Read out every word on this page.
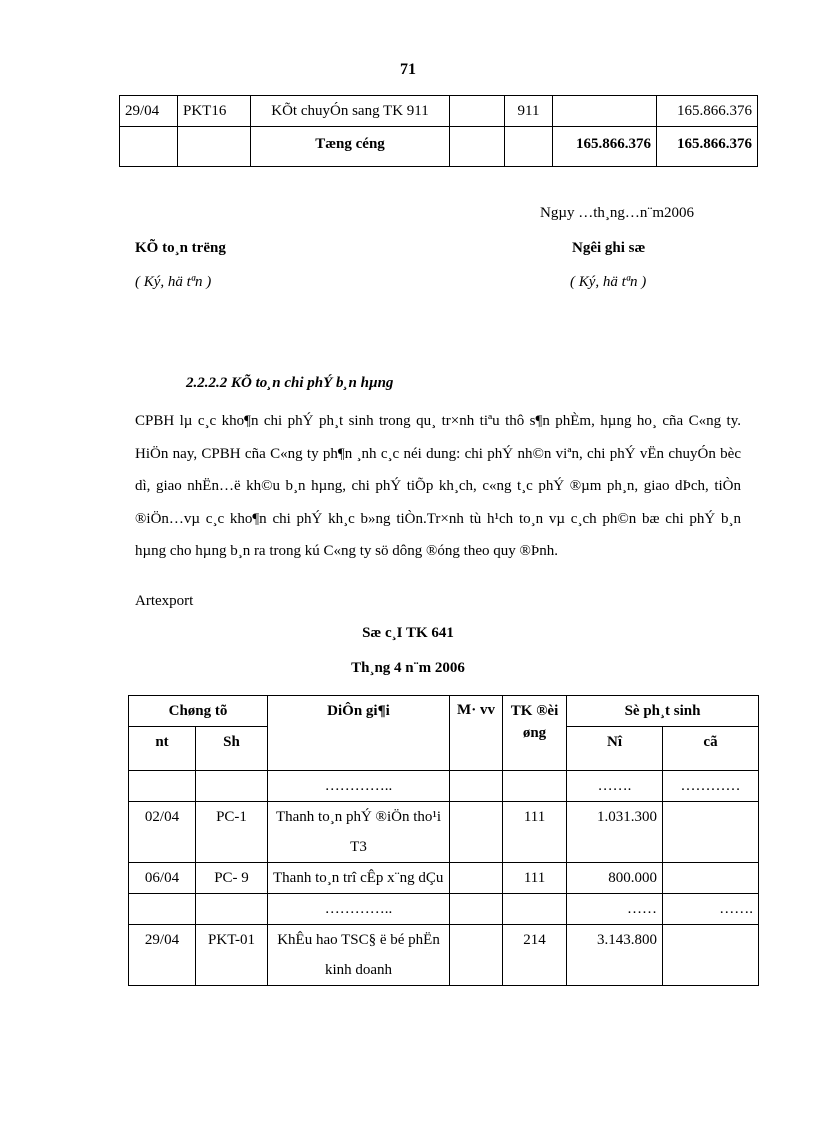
71
29/04	PKT16	KÕt chuyÓn sang TK 911		911		165.866.376
		Tæng céng			165.866.376	165.866.376
Ngµy …th¸ng…n¨m2006
KÕ to¸n trëng	Ngêi ghi sæ
( Ký, hä tªn )	( Ký, hä tªn )
2.2.2.2 KÕ to¸n chi phÝ b¸n hµng
CPBH lµ c¸c kho¶n chi phÝ ph¸t sinh trong qu¸ tr×nh tiªu thô s¶n phÈm, hµng ho¸ cña C«ng ty. HiÖn nay, CPBH cña C«ng ty ph¶n ¸nh c¸c néi dung: chi phÝ nh©n viªn, chi phÝ vËn chuyÓn bèc dì, giao nhËn…ë kh©u b¸n hµng, chi phÝ tiÕp kh¸ch, c«ng t¸c phÝ ®µm ph¸n, giao dÞch, tiÒn ®iÖn…vµ c¸c kho¶n chi phÝ kh¸c b»ng tiÒn.Tr×nh tù h¹ch to¸n vµ c¸ch ph©n bæ chi phÝ b¸n hµng cho hµng b¸n ra trong kú C«ng ty sö dông ®óng theo quy ®Þnh.
Artexport
Sæ c¸I TK 641
Th¸ng 4 n¨m 2006
Chøng tõ		DiÔn gi¶i	M· vv	TK ®èi øng	Sè ph¸t sinh	
nt	Sh				Nî	cã
		…………..			…….	…………
02/04	PC-1	Thanh to¸n phÝ ®iÖn tho¹i T3		111	1.031.300	
06/04	PC- 9	Thanh to¸n trî cÊp x¨ng dÇu		111	800.000	
		…………..			……	…….
29/04	PKT-01	KhÊu hao TSC§ ë bé phËn kinh doanh		214	3.143.800	
